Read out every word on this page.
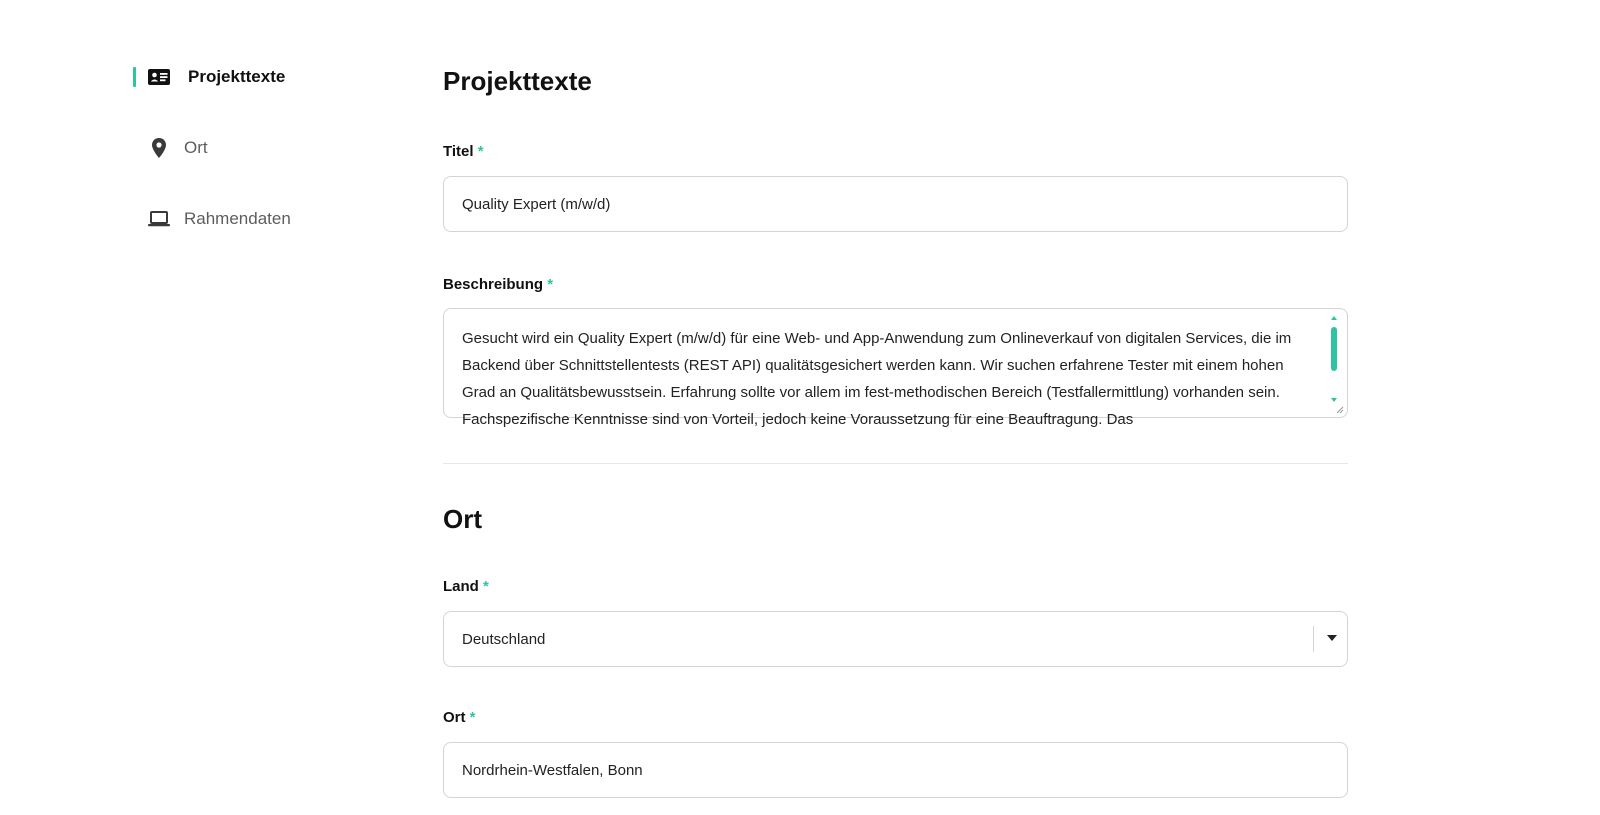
Projekttexte
Ort
Rahmendaten
Projekttexte
Titel *
Quality Expert (m/w/d)
Beschreibung *
Gesucht wird ein Quality Expert (m/w/d) für eine Web- und App-Anwendung zum Onlineverkauf von digitalen Services, die im Backend über Schnittstellentests (REST API) qualitätsgesichert werden kann. Wir suchen erfahrene Tester mit einem hohen Grad an Qualitätsbewusstsein. Erfahrung sollte vor allem im fest-methodischen Bereich (Testfallermittlung) vorhanden sein. Fachspezifische Kenntnisse sind von Vorteil, jedoch keine Voraussetzung für eine Beauftragung. Das
Ort
Land *
Deutschland
Ort *
Nordrhein-Westfalen, Bonn
